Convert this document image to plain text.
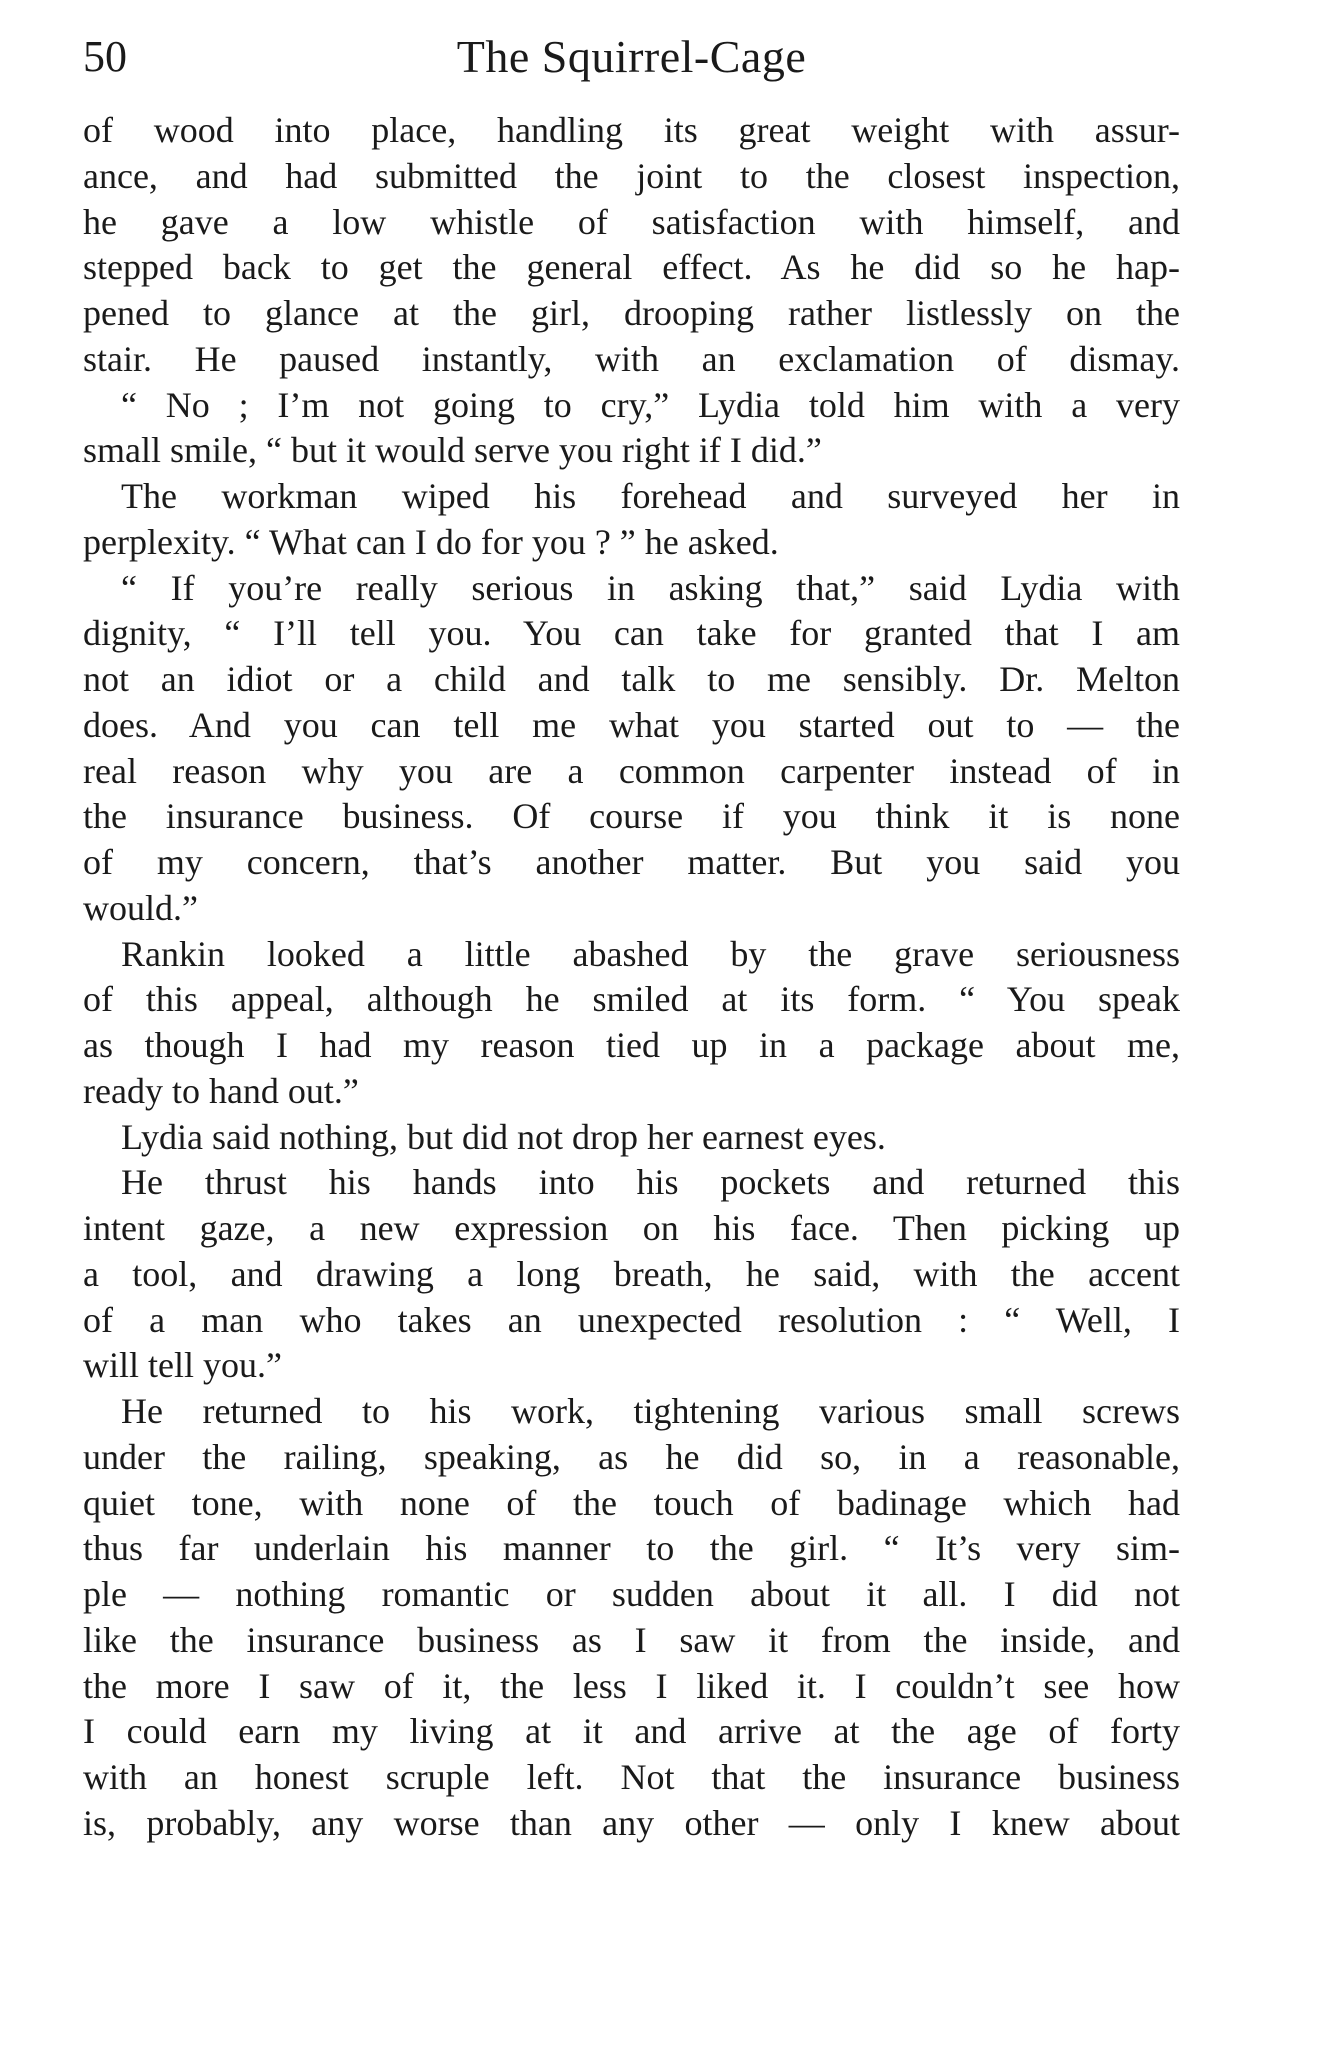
50	The Squirrel-Cage
of wood into place, handling its great weight with assur-
ance, and had submitted the joint to the closest inspection,
he gave a low whistle of satisfaction with himself, and
stepped back to get the general effect. As he did so he hap-
pened to glance at the girl, drooping rather listlessly on the
stair. He paused instantly, with an exclamation of dismay.
“ No ; I’m not going to cry,” Lydia told him with a very
small smile, “ but it would serve you right if I did.”
The workman wiped his forehead and surveyed her in
perplexity. “ What can I do for you ? ” he asked.
“ If you’re really serious in asking that,” said Lydia with
dignity, “ I’ll tell you. You can take for granted that I am
not an idiot or a child and talk to me sensibly. Dr. Melton
does. And you can tell me what you started out to — the
real reason why you are a common carpenter instead of in
the insurance business. Of course if you think it is none
of my concern, that’s another matter. But you said you
would.”
Rankin looked a little abashed by the grave seriousness
of this appeal, although he smiled at its form. “ You speak
as though I had my reason tied up in a package about me,
ready to hand out.”
Lydia said nothing, but did not drop her earnest eyes.
He thrust his hands into his pockets and returned this
intent gaze, a new expression on his face. Then picking up
a tool, and drawing a long breath, he said, with the accent
of a man who takes an unexpected resolution : “ Well, I
will tell you.”
He returned to his work, tightening various small screws
under the railing, speaking, as he did so, in a reasonable,
quiet tone, with none of the touch of badinage which had
thus far underlain his manner to the girl. “ It’s very sim-
ple — nothing romantic or sudden about it all. I did not
like the insurance business as I saw it from the inside, and
the more I saw of it, the less I liked it. I couldn’t see how
I could earn my living at it and arrive at the age of forty
with an honest scruple left. Not that the insurance business
is, probably, any worse than any other — only I knew about
